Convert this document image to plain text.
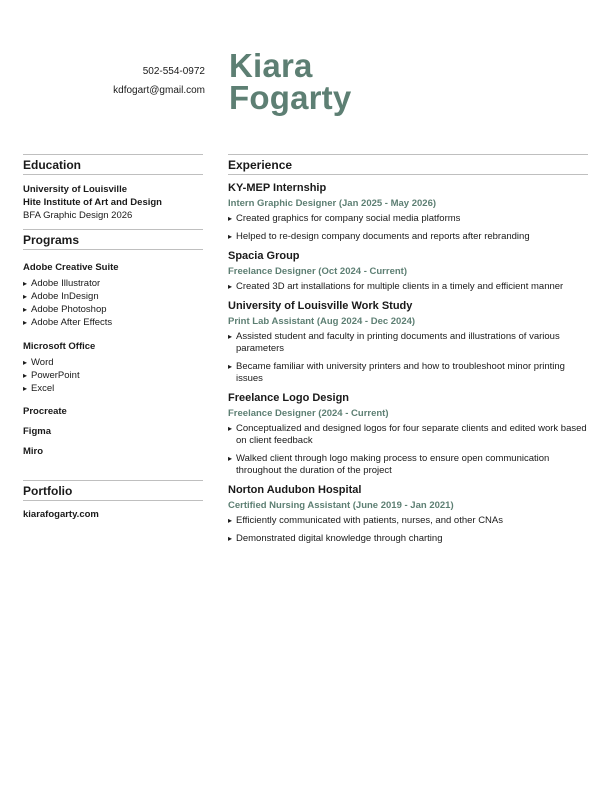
502-554-0972
kdfogart@gmail.com
Kiara
Fogarty
Education
University of Louisville
Hite Institute of Art and Design
BFA Graphic Design 2026
Programs
Adobe Creative Suite
▸ Adobe Illustrator
▸ Adobe InDesign
▸ Adobe Photoshop
▸ Adobe After Effects
Microsoft Office
▸ Word
▸ PowerPoint
▸ Excel
Procreate
Figma
Miro
Portfolio
kiarafogarty.com
Experience
KY-MEP Internship
Intern Graphic Designer (Jan 2025 - May 2026)
▸ Created graphics for company social media platforms
▸ Helped to re-design company documents and reports after rebranding
Spacia Group
Freelance Designer (Oct 2024 - Current)
▸ Created 3D art installations for multiple clients in a timely and efficient manner
University of Louisville Work Study
Print Lab Assistant (Aug 2024 - Dec 2024)
▸ Assisted student and faculty in printing documents and illustrations of various parameters
▸ Became familiar with university printers and how to troubleshoot minor printing issues
Freelance Logo Design
Freelance Designer (2024 - Current)
▸ Conceptualized and designed logos for four separate clients and edited work based on client feedback
▸ Walked client through logo making process to ensure open communication throughout the duration of the project
Norton Audubon Hospital
Certified Nursing Assistant (June 2019 - Jan 2021)
▸ Efficiently communicated with patients, nurses, and other CNAs
▸ Demonstrated digital knowledge through charting
